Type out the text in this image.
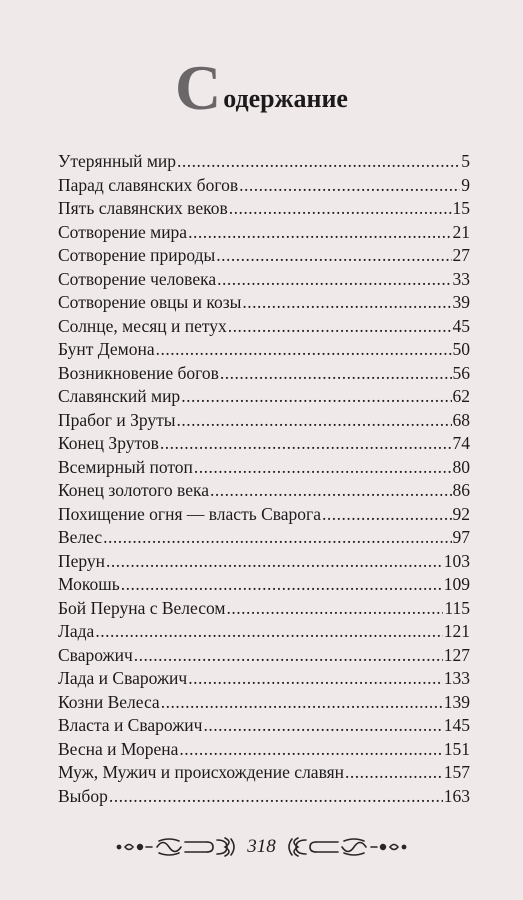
С одержание
Утерянный мир .....	5
Парад славянских богов .....	9
Пять славянских веков .....	15
Сотворение мира .....	21
Сотворение природы .....	27
Сотворение человека .....	33
Сотворение овцы и козы .....	39
Солнце, месяц и петух .....	45
Бунт Демона .....	50
Возникновение богов .....	56
Славянский мир .....	62
Прабог и Зруты .....	68
Конец Зрутов .....	74
Всемирный потоп .....	80
Конец золотого века .....	86
Похищение огня — власть Сварога .....	92
Велес .....	97
Перун .....	103
Мокошь .....	109
Бой Перуна с Велесом .....	115
Лада .....	121
Сварожич .....	127
Лада и Сварожич .....	133
Козни Велеса .....	139
Власта и Сварожич .....	145
Весна и Морена .....	151
Муж, Мужич и происхождение славян .....	157
Выбор .....	163
318
